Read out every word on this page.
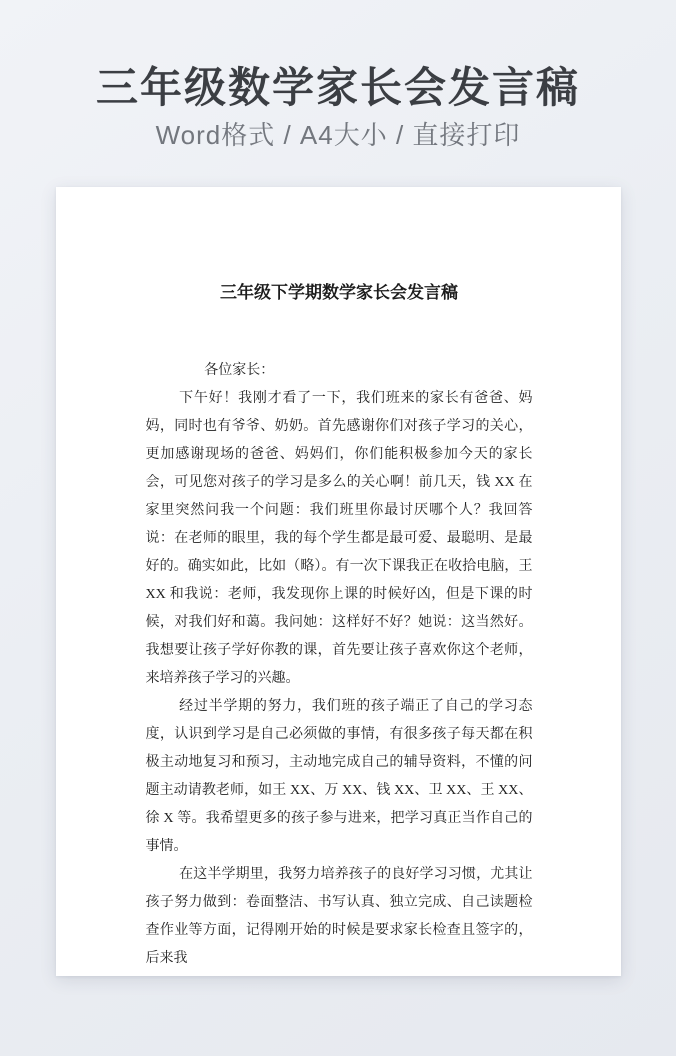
三年级数学家长会发言稿

Word格式 / A4大小 / 直接打印

三年级下学期数学家长会发言稿

各位家长：

下午好！我刚才看了一下，我们班来的家长有爸爸、妈妈，同时也有爷爷、奶奶。首先感谢你们对孩子学习的关心，更加感谢现场的爸爸、妈妈们，你们能积极参加今天的家长会，可见您对孩子的学习是多么的关心啊！前几天，钱 XX 在家里突然问我一个问题：我们班里你最讨厌哪个人？我回答说：在老师的眼里，我的每个学生都是最可爱、最聪明、是最好的。确实如此，比如（略）。有一次下课我正在收拾电脑，王 XX 和我说：老师，我发现你上课的时候好凶，但是下课的时候，对我们好和蔼。我问她：这样好不好？她说：这当然好。我想要让孩子学好你教的课，首先要让孩子喜欢你这个老师，来培养孩子学习的兴趣。

经过半学期的努力，我们班的孩子端正了自己的学习态度，认识到学习是自己必须做的事情，有很多孩子每天都在积极主动地复习和预习，主动地完成自己的辅导资料，不懂的问题主动请教老师，如王 XX、万 XX、钱 XX、卫 XX、王 XX、徐 X 等。我希望更多的孩子参与进来，把学习真正当作自己的事情。

在这半学期里，我努力培养孩子的良好学习习惯，尤其让孩子努力做到：卷面整洁、书写认真、独立完成、自己读题检查作业等方面，记得刚开始的时候是要求家长检查且签字的，后来我
